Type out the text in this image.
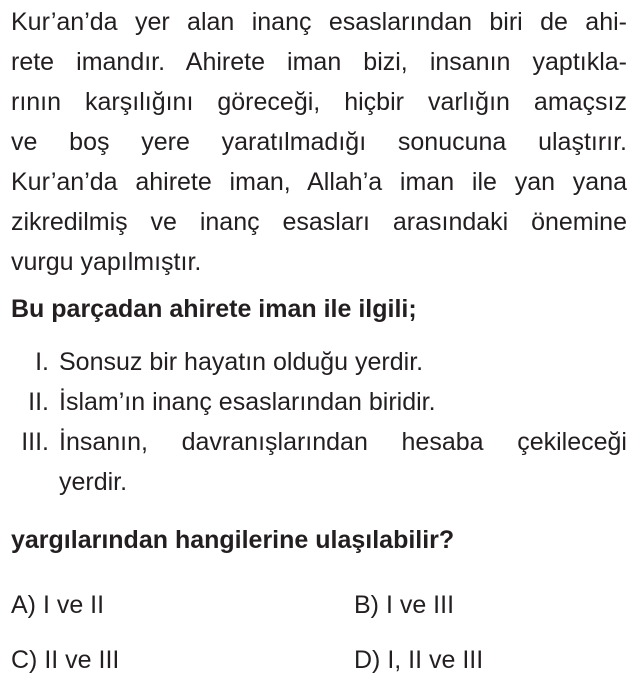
Kur’an’da yer alan inanç esaslarından biri de ahi-
rete imandır. Ahirete iman bizi, insanın yaptıkla-
rının karşılığını göreceği, hiçbir varlığın amaçsız
ve boş yere yaratılmadığı sonucuna ulaştırır.
Kur’an’da ahirete iman, Allah’a iman ile yan yana
zikredilmiş ve inanç esasları arasındaki önemine
vurgu yapılmıştır.
Bu parçadan ahirete iman ile ilgili;
I. Sonsuz bir hayatın olduğu yerdir.
II. İslam’ın inanç esaslarından biridir.
III. İnsanın, davranışlarından hesaba çekileceği
yerdir.
yargılarından hangilerine ulaşılabilir?
A) I ve II	B) I ve III
C) II ve III	D) I, II ve III
